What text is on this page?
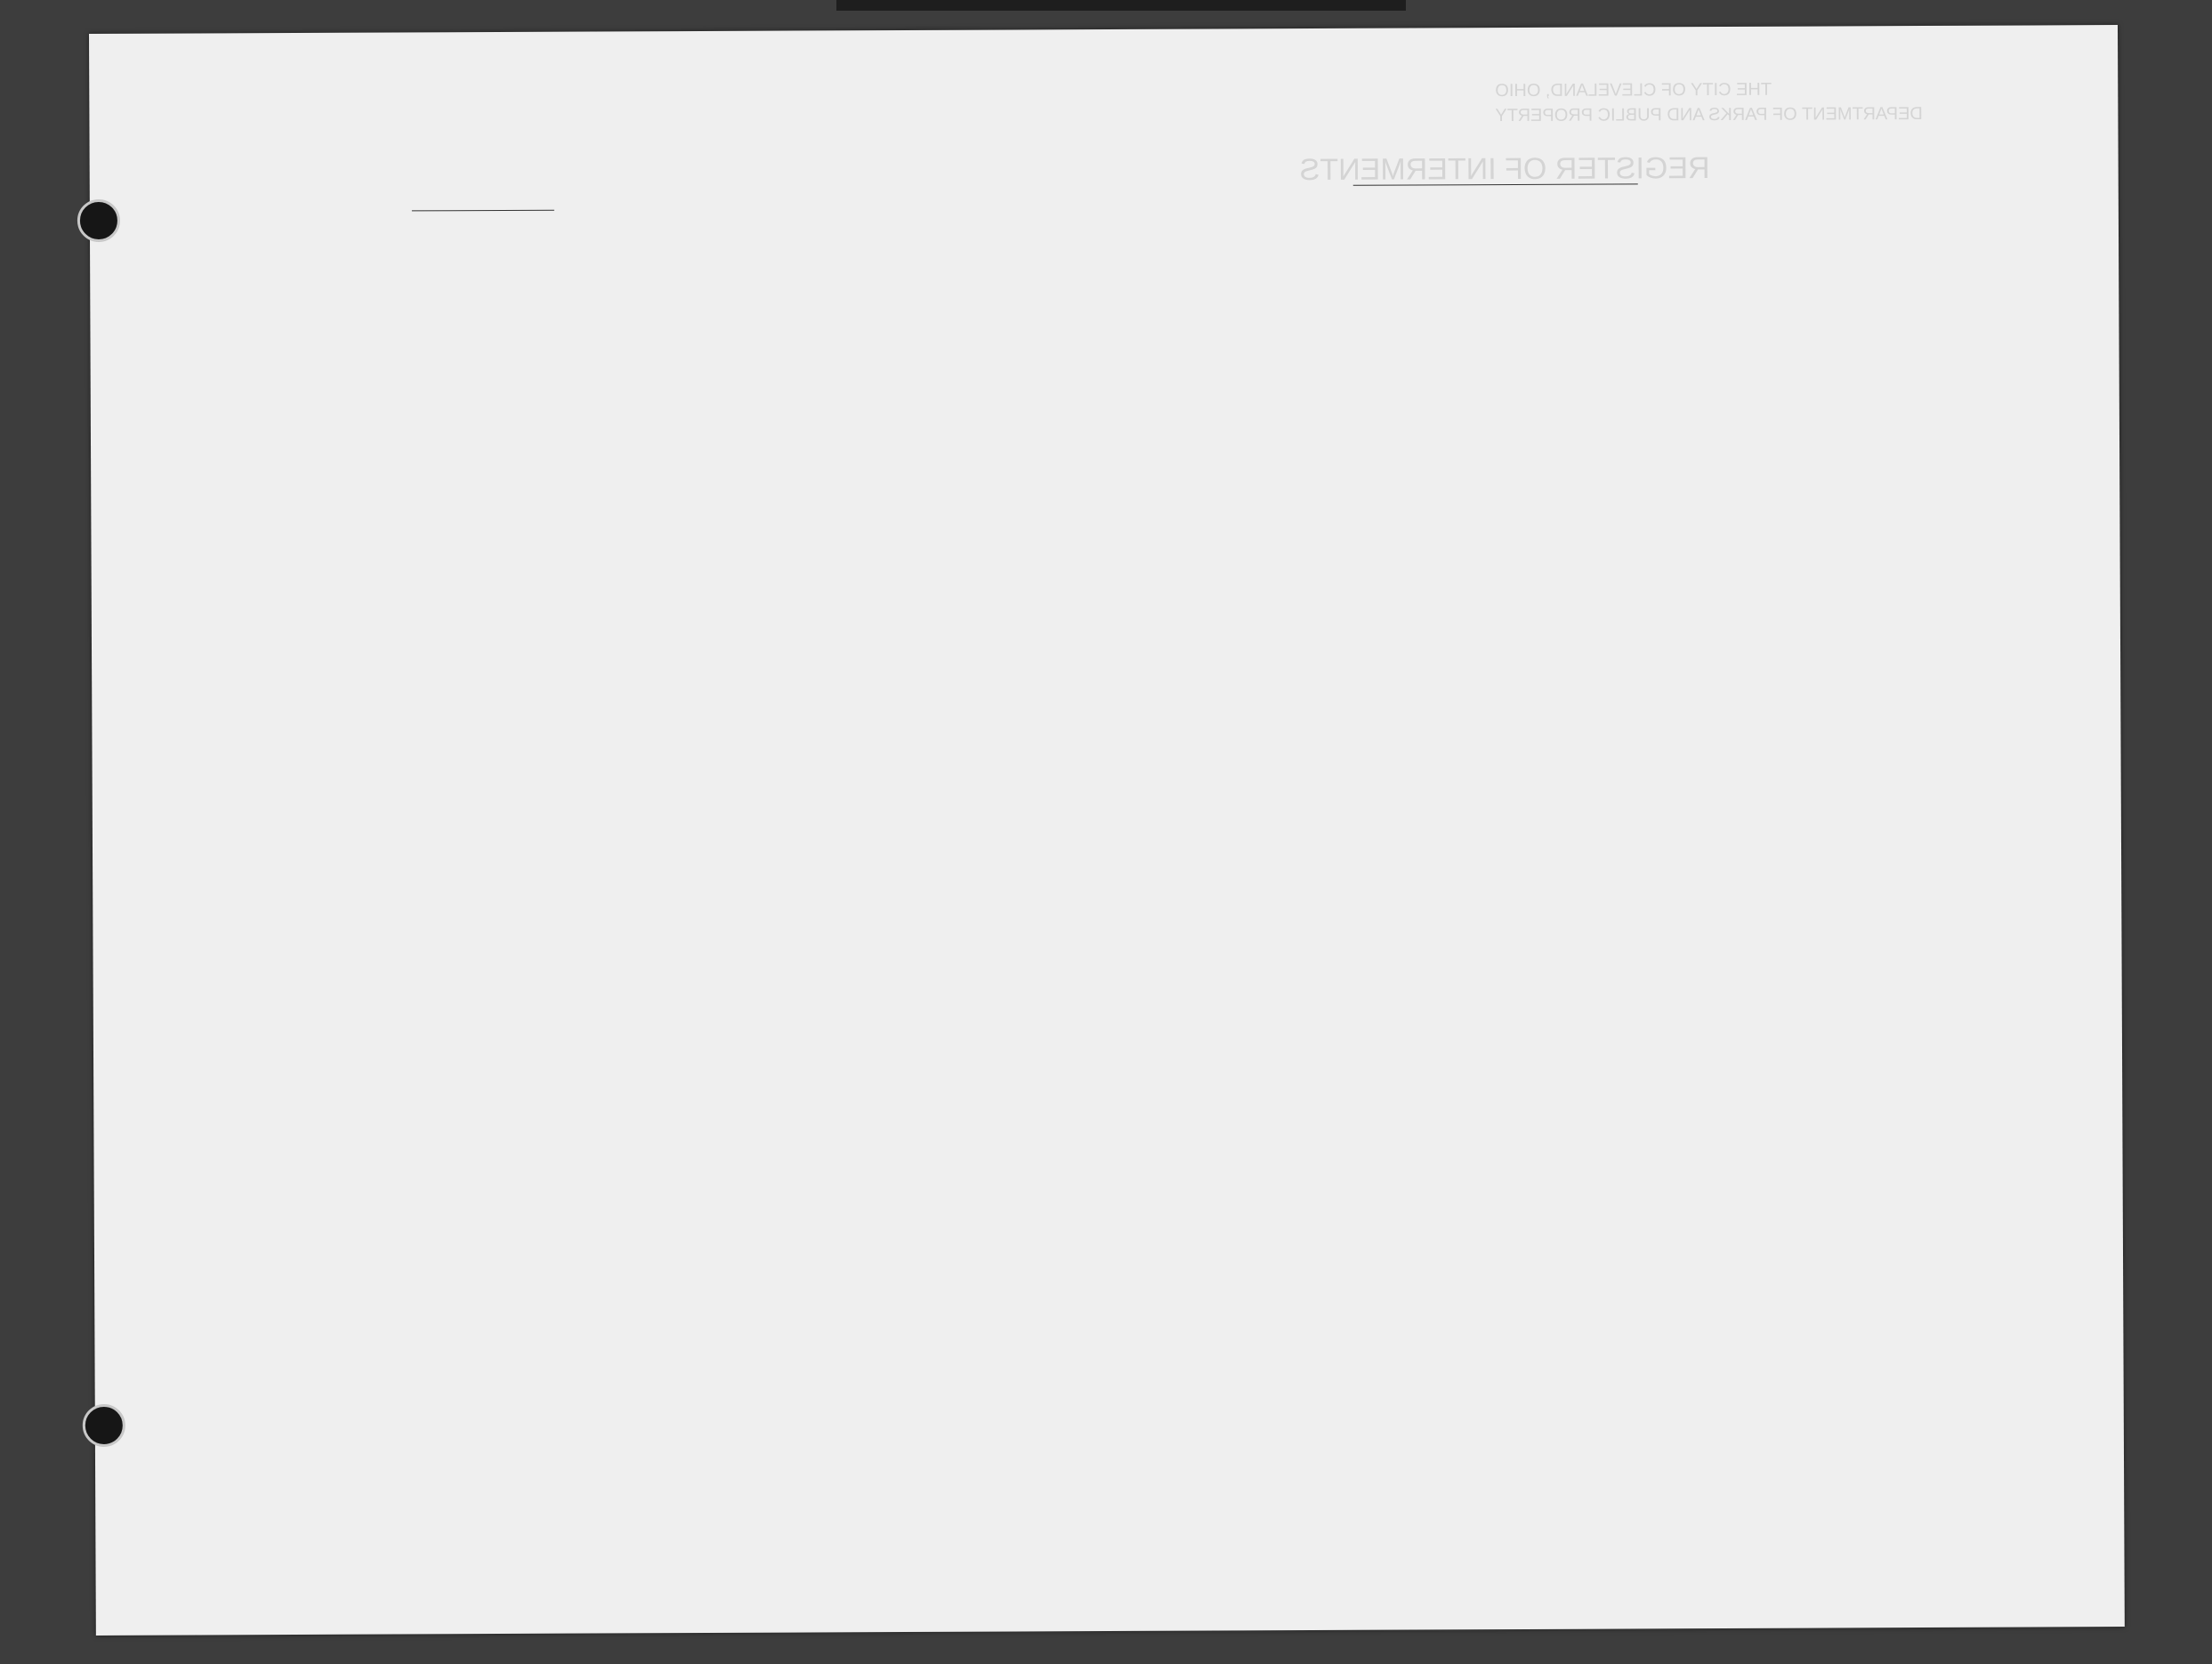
THE CITY OF CLEVELAND, OHIO
DEPARTMENT OF PARKS AND PUBLIC PROPERTY
REGISTER OF INTERMENTS
